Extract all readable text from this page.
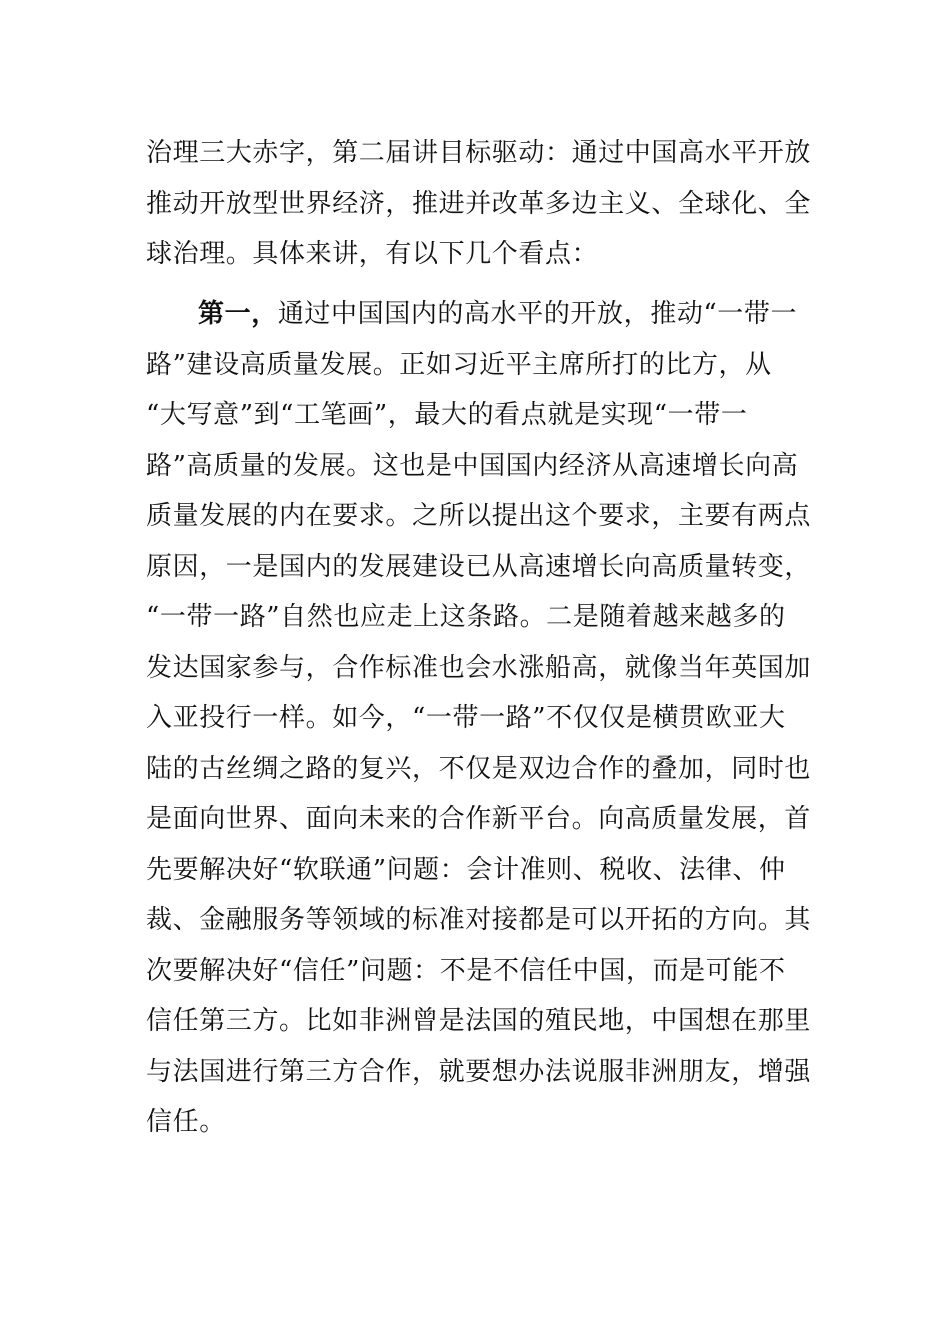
治理三大赤字，第二届讲目标驱动：通过中国高水平开放
推动开放型世界经济，推进并改革多边主义、全球化、全
球治理。具体来讲，有以下几个看点：

第一，通过中国国内的高水平的开放，推动“一带一
路”建设高质量发展。正如习近平主席所打的比方，从
“大写意”到“工笔画”，最大的看点就是实现“一带一
路”高质量的发展。这也是中国国内经济从高速增长向高
质量发展的内在要求。之所以提出这个要求，主要有两点
原因，一是国内的发展建设已从高速增长向高质量转变，
“一带一路”自然也应走上这条路。二是随着越来越多的
发达国家参与，合作标准也会水涨船高，就像当年英国加
入亚投行一样。如今，“一带一路”不仅仅是横贯欧亚大
陆的古丝绸之路的复兴，不仅是双边合作的叠加，同时也
是面向世界、面向未来的合作新平台。向高质量发展，首
先要解决好“软联通”问题：会计准则、税收、法律、仲
裁、金融服务等领域的标准对接都是可以开拓的方向。其
次要解决好“信任”问题：不是不信任中国，而是可能不
信任第三方。比如非洲曾是法国的殖民地，中国想在那里
与法国进行第三方合作，就要想办法说服非洲朋友，增强
信任。
